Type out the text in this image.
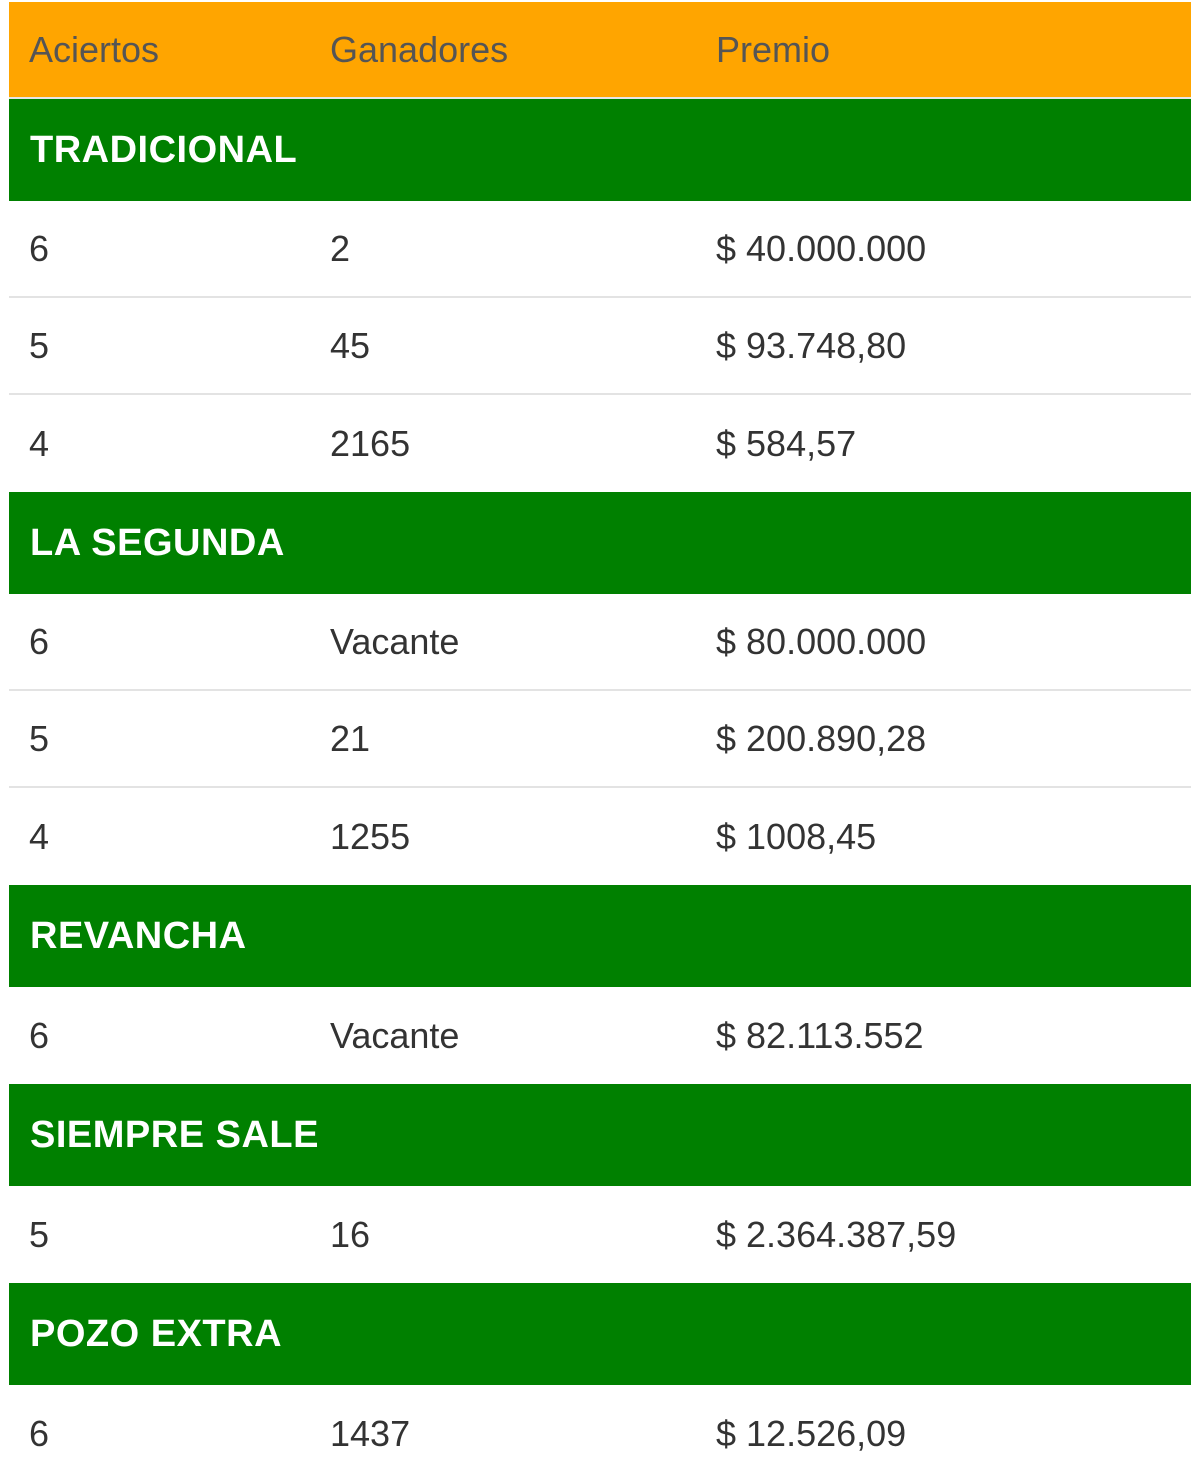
Aciertos	Ganadores	Premio
TRADICIONAL
6	2	$ 40.000.000
5	45	$ 93.748,80
4	2165	$ 584,57
LA SEGUNDA
6	Vacante	$ 80.000.000
5	21	$ 200.890,28
4	1255	$ 1008,45
REVANCHA
6	Vacante	$ 82.113.552
SIEMPRE SALE
5	16	$ 2.364.387,59
POZO EXTRA
6	1437	$ 12.526,09
